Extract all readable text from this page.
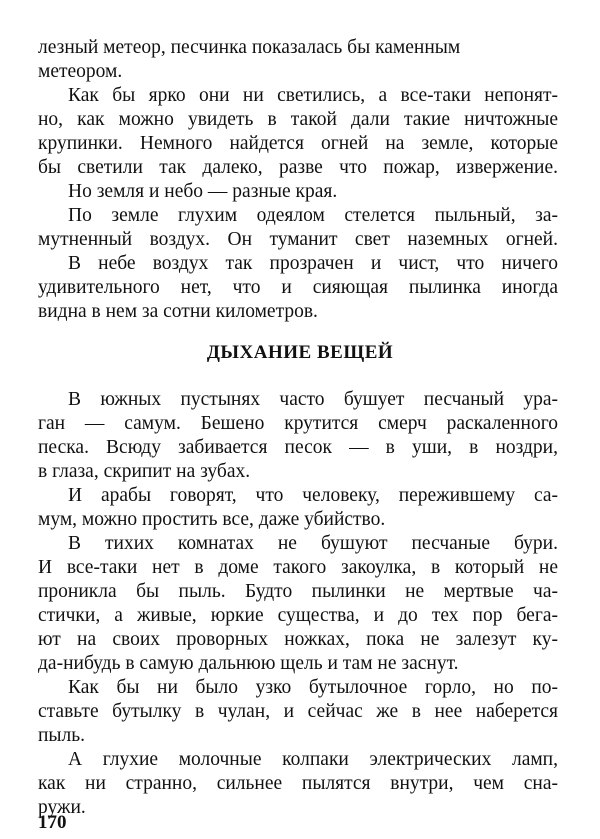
лезный метеор, песчинка показалась бы каменным
метеором.
Как бы ярко они ни светились, а все-таки непонят-
но, как можно увидеть в такой дали такие ничтожные
крупинки. Немного найдется огней на земле, которые
бы светили так далеко, разве что пожар, извержение.
Но земля и небо — разные края.
По земле глухим одеялом стелется пыльный, за-
мутненный воздух. Он туманит свет наземных огней.
В небе воздух так прозрачен и чист, что ничего
удивительного нет, что и сияющая пылинка иногда
видна в нем за сотни километров.
ДЫХАНИЕ ВЕЩЕЙ
В южных пустынях часто бушует песчаный ура-
ган — самум. Бешено крутится смерч раскаленного
песка. Всюду забивается песок — в уши, в ноздри,
в глаза, скрипит на зубах.
И арабы говорят, что человеку, пережившему са-
мум, можно простить все, даже убийство.
В тихих комнатах не бушуют песчаные бури.
И все-таки нет в доме такого закоулка, в который не
проникла бы пыль. Будто пылинки не мертвые ча-
стички, а живые, юркие существа, и до тех пор бега-
ют на своих проворных ножках, пока не залезут ку-
да-нибудь в самую дальнюю щель и там не заснут.
Как бы ни было узко бутылочное горло, но по-
ставьте бутылку в чулан, и сейчас же в нее наберется
пыль.
А глухие молочные колпаки электрических ламп,
как ни странно, сильнее пылятся внутри, чем сна-
ружи.
170
